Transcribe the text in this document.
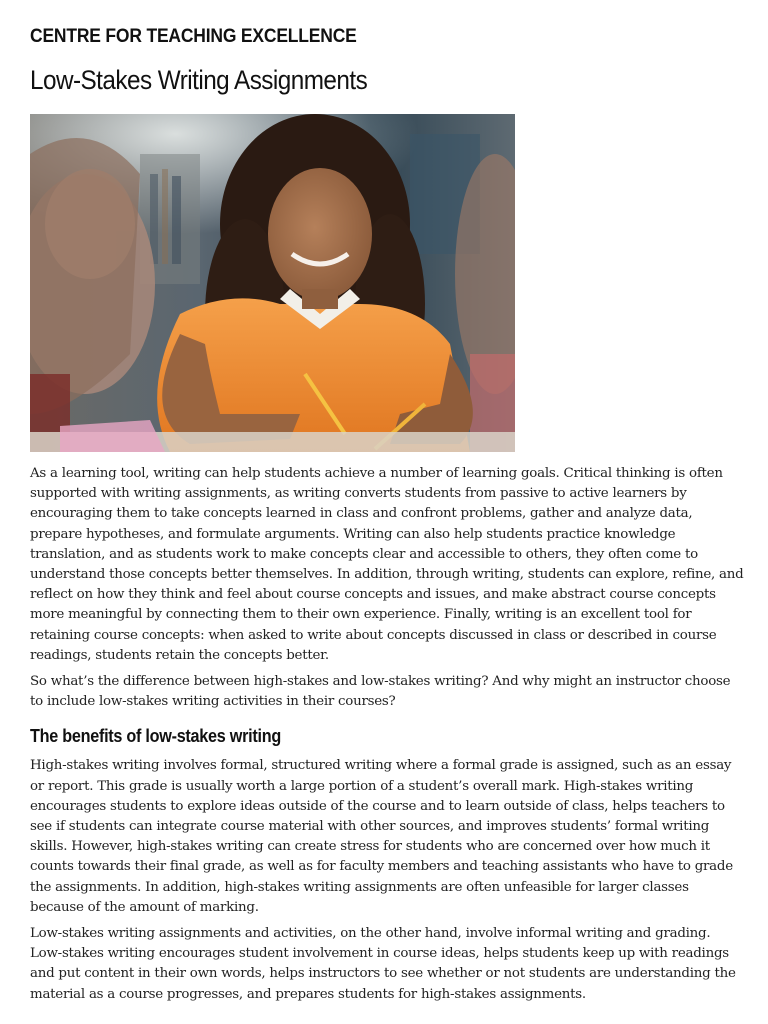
CENTRE FOR TEACHING EXCELLENCE
Low-Stakes Writing Assignments
As a learning tool, writing can help students achieve a number of learning goals. Critical thinking is often supported with writing assignments, as writing converts students from passive to active learners by encouraging them to take concepts learned in class and confront problems, gather and analyze data, prepare hypotheses, and formulate arguments. Writing can also help students practice knowledge translation, and as students work to make concepts clear and accessible to others, they often come to understand those concepts better themselves. In addition, through writing, students can explore, refine, and reflect on how they think and feel about course concepts and issues, and make abstract course concepts more meaningful by connecting them to their own experience. Finally, writing is an excellent tool for retaining course concepts: when asked to write about concepts discussed in class or described in course readings, students retain the concepts better.
So what’s the difference between high-stakes and low-stakes writing? And why might an instructor choose to include low-stakes writing activities in their courses?
The benefits of low-stakes writing
High-stakes writing involves formal, structured writing where a formal grade is assigned, such as an essay or report. This grade is usually worth a large portion of a student’s overall mark. High-stakes writing encourages students to explore ideas outside of the course and to learn outside of class, helps teachers to see if students can integrate course material with other sources, and improves students’ formal writing skills. However, high-stakes writing can create stress for students who are concerned over how much it counts towards their final grade, as well as for faculty members and teaching assistants who have to grade the assignments. In addition, high-stakes writing assignments are often unfeasible for larger classes because of the amount of marking.
Low-stakes writing assignments and activities, on the other hand, involve informal writing and grading. Low-stakes writing encourages student involvement in course ideas, helps students keep up with readings and put content in their own words, helps instructors to see whether or not students are understanding the material as a course progresses, and prepares students for high-stakes assignments.
